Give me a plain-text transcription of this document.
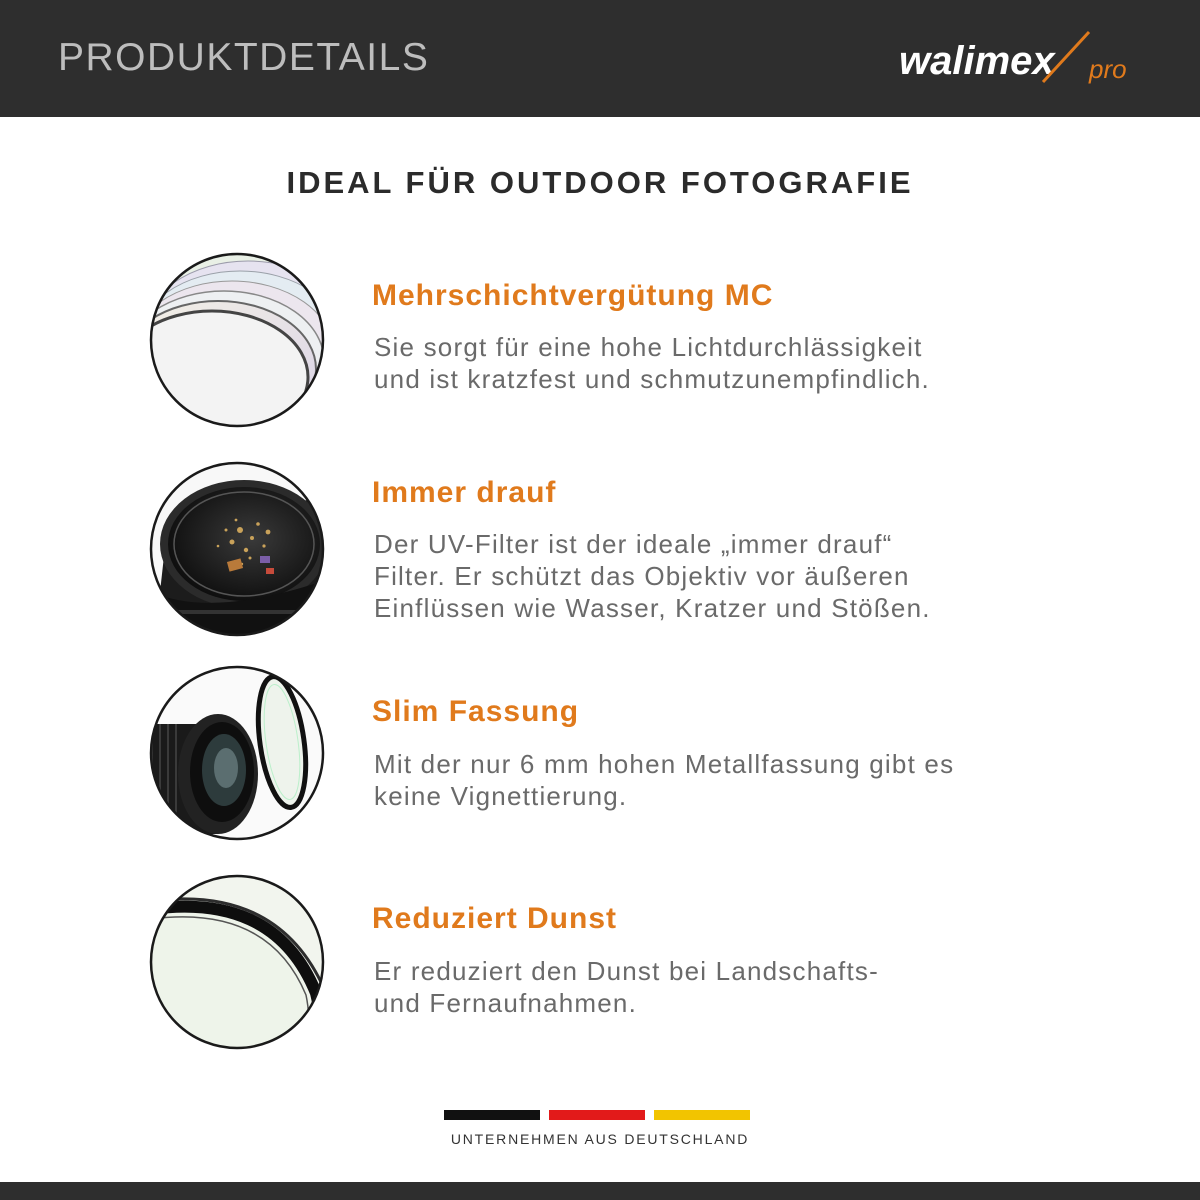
PRODUKTDETAILS	walimex pro
IDEAL FÜR OUTDOOR FOTOGRAFIE
Mehrschichtvergütung MC
Sie sorgt für eine hohe Lichtdurchlässigkeit
und ist kratzfest und schmutzunempfindlich.
Immer drauf
Der UV-Filter ist der ideale „immer drauf“
Filter. Er schützt das Objektiv vor äußeren
Einflüssen wie Wasser, Kratzer und Stößen.
Slim Fassung
Mit der nur 6 mm hohen Metallfassung gibt es
keine Vignettierung.
Reduziert Dunst
Er reduziert den Dunst bei Landschafts-
und Fernaufnahmen.
UNTERNEHMEN AUS DEUTSCHLAND
